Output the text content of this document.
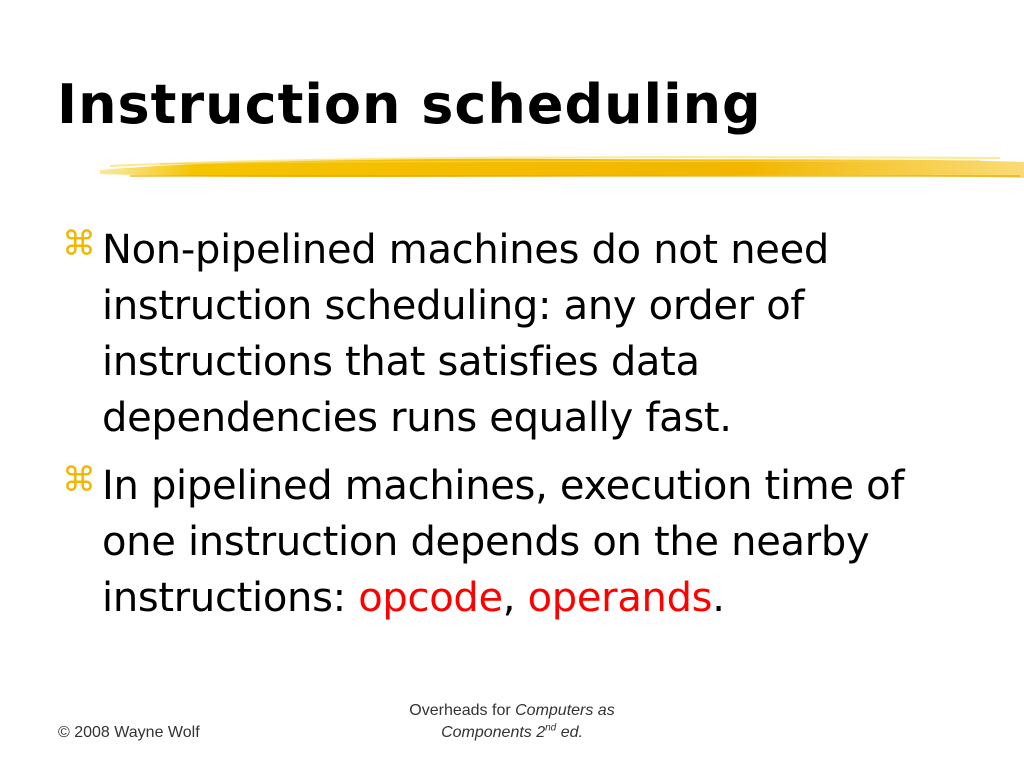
Instruction scheduling
⌘ Non-pipelined machines do not need instruction scheduling: any order of instructions that satisfies data dependencies runs equally fast.
⌘ In pipelined machines, execution time of one instruction depends on the nearby instructions: opcode, operands.
© 2008 Wayne Wolf
Overheads for Computers as
Components 2nd ed.
